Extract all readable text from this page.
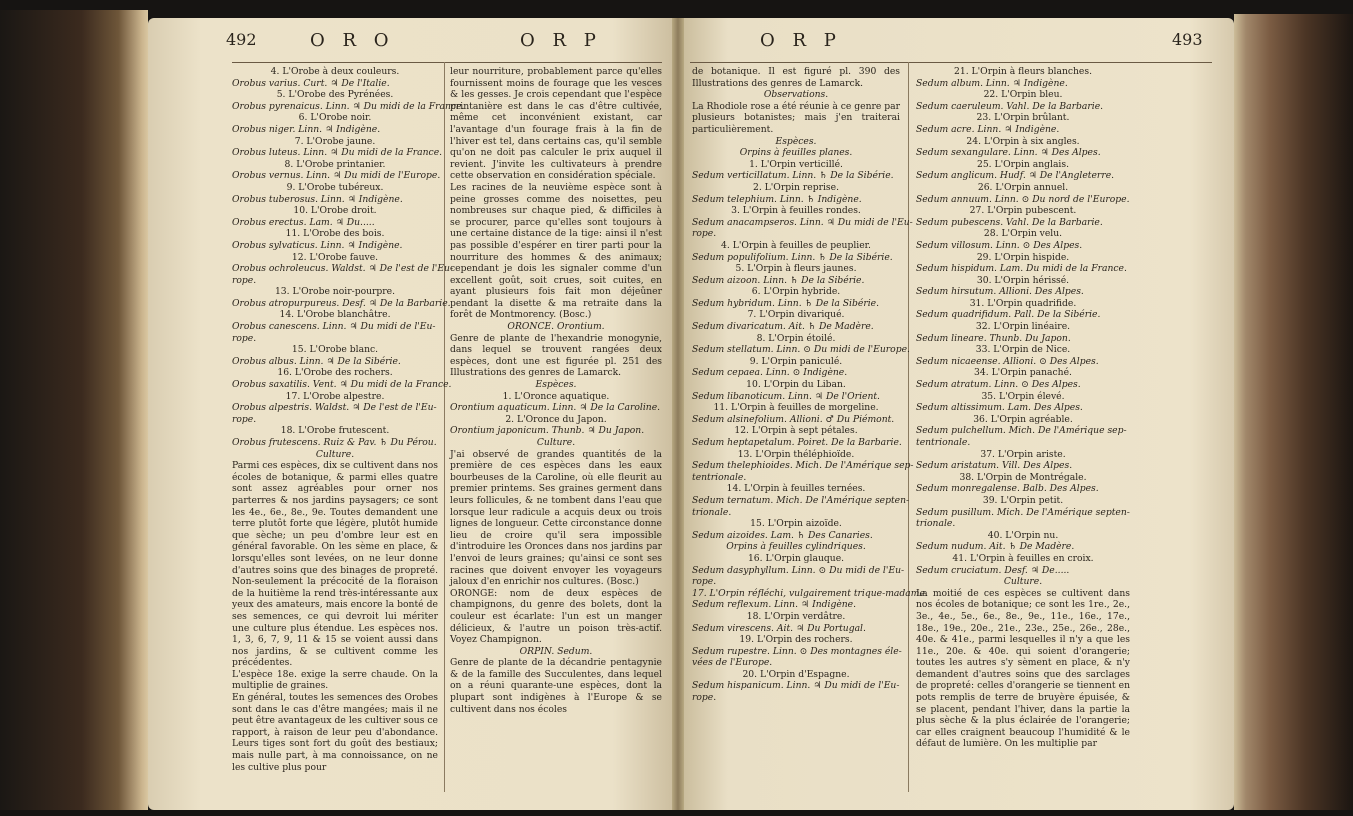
492	O R O	O R P	O R P	493

4. L'Orobe à deux couleurs.

Orobus varius. Curt. ♃ De l'Italie.

5. L'Orobe des Pyrénées.

Orobus pyrenaicus. Linn. ♃ Du midi de la France.

6. L'Orobe noir.

Orobus niger. Linn. ♃ Indigène.

7. L'Orobe jaune.

Orobus luteus. Linn. ♃ Du midi de la France.

8. L'Orobe printanier.

Orobus vernus. Linn. ♃ Du midi de l'Europe.

9. L'Orobe tubéreux.

Orobus tuberosus. Linn. ♃ Indigène.

10. L'Orobe droit.

Orobus erectus. Lam. ♃ Du.....

11. L'Orobe des bois.

Orobus sylvaticus. Linn. ♃ Indigène.

12. L'Orobe fauve.

Orobus ochroleucus. Waldst. ♃ De l'est de l'Eu-

rope.

13. L'Orobe noir-pourpre.

Orobus atropurpureus. Desf. ♃ De la Barbarie.

14. L'Orobe blanchâtre.

Orobus canescens. Linn. ♃ Du midi de l'Eu-

rope.

15. L'Orobe blanc.

Orobus albus. Linn. ♃ De la Sibérie.

16. L'Orobe des rochers.

Orobus saxatilis. Vent. ♃ Du midi de la France.

17. L'Orobe alpestre.

Orobus alpestris. Waldst. ♃ De l'est de l'Eu-

rope.

18. L'Orobe frutescent.

Orobus frutescens. Ruiz & Pav. ♄ Du Pérou.

Culture.

Parmi ces espèces, dix se cultivent dans nos écoles de botanique, & parmi elles quatre sont assez agréables pour orner nos parterres & nos jardins paysagers; ce sont les 4e., 6e., 8e., 9e. Toutes demandent une terre plutôt forte que légère, plutôt humide que sèche; un peu d'ombre leur est en général favorable. On les sème en place, & lorsqu'elles sont levées, on ne leur donne d'autres soins que des binages de propreté. Non-seulement la précocité de la floraison de la huitième la rend très-intéressante aux yeux des amateurs, mais encore la bonté de ses semences, ce qui devroit lui mériter une culture plus étendue. Les espèces nos. 1, 3, 6, 7, 9, 11 & 15 se voient aussi dans nos jardins, & se cultivent comme les précédentes.

L'espèce 18e. exige la serre chaude. On la multiplie de graines.

En général, toutes les semences des Orobes sont dans le cas d'être mangées; mais il ne peut être avantageux de les cultiver sous ce rapport, à raison de leur peu d'abondance. Leurs tiges sont fort du goût des bestiaux; mais nulle part, à ma connoissance, on ne les cultive plus pour

leur nourriture, probablement parce qu'elles fournissent moins de fourage que les vesces & les gesses. Je crois cependant que l'espèce printanière est dans le cas d'être cultivée, même cet inconvénient existant, car l'avantage d'un fourage frais à la fin de l'hiver est tel, dans certains cas, qu'il semble qu'on ne doit pas calculer le prix auquel il revient. J'invite les cultivateurs à prendre cette observation en considération spéciale.

Les racines de la neuvième espèce sont à peine grosses comme des noisettes, peu nombreuses sur chaque pied, & difficiles à se procurer, parce qu'elles sont toujours à une certaine distance de la tige: ainsi il n'est pas possible d'espérer en tirer parti pour la nourriture des hommes & des animaux; cependant je dois les signaler comme d'un excellent goût, soit crues, soit cuites, en ayant plusieurs fois fait mon déjeûner pendant la disette & ma retraite dans la forêt de Montmorency. (Bosc.)

ORONCE. Orontium.

Genre de plante de l'hexandrie monogynie, dans lequel se trouvent rangées deux espèces, dont une est figurée pl. 251 des Illustrations des genres de Lamarck.

Espèces.

1. L'Oronce aquatique.

Orontium aquaticum. Linn. ♃ De la Caroline.

2. L'Oronce du Japon.

Orontium japonicum. Thunb. ♃ Du Japon.

Culture.

J'ai observé de grandes quantités de la première de ces espèces dans les eaux bourbeuses de la Caroline, où elle fleurit au premier printems. Ses graines germent dans leurs follicules, & ne tombent dans l'eau que lorsque leur radicule a acquis deux ou trois lignes de longueur. Cette circonstance donne lieu de croire qu'il sera impossible d'introduire les Oronces dans nos jardins par l'envoi de leurs graines; qu'ainsi ce sont ses racines que doivent envoyer les voyageurs jaloux d'en enrichir nos cultures. (Bosc.)

ORONGE: nom de deux espèces de champignons, du genre des bolets, dont la couleur est écarlate: l'un est un manger délicieux, & l'autre un poison très-actif. Voyez Champignon.

ORPIN. Sedum.

Genre de plante de la décandrie pentagynie & de la famille des Succulentes, dans lequel on a réuni quarante-une espèces, dont la plupart sont indigènes à l'Europe & se cultivent dans nos écoles

de botanique. Il est figuré pl. 390 des Illustrations des genres de Lamarck.

Observations.

La Rhodiole rose a été réunie à ce genre par plusieurs botanistes; mais j'en traiterai particulièrement.

Espèces.

Orpins à feuilles planes.

1. L'Orpin verticillé.

Sedum verticillatum. Linn. ♄ De la Sibérie.

2. L'Orpin reprise.

Sedum telephium. Linn. ♄ Indigène.

3. L'Orpin à feuilles rondes.

Sedum anacampseros. Linn. ♃ Du midi de l'Eu-

rope.

4. L'Orpin à feuilles de peuplier.

Sedum populifolium. Linn. ♄ De la Sibérie.

5. L'Orpin à fleurs jaunes.

Sedum aizoon. Linn. ♄ De la Sibérie.

6. L'Orpin hybride.

Sedum hybridum. Linn. ♄ De la Sibérie.

7. L'Orpin divariqué.

Sedum divaricatum. Ait. ♄ De Madère.

8. L'Orpin étoilé.

Sedum stellatum. Linn. ⊙ Du midi de l'Europe.

9. L'Orpin paniculé.

Sedum cepaea. Linn. ⊙ Indigène.

10. L'Orpin du Liban.

Sedum libanoticum. Linn. ♃ De l'Orient.

11. L'Orpin à feuilles de morgeline.

Sedum alsinefolium. Allioni. ♂ Du Piémont.

12. L'Orpin à sept pétales.

Sedum heptapetalum. Poiret. De la Barbarie.

13. L'Orpin théléphioïde.

Sedum thelephioides. Mich. De l'Amérique sep-

tentrionale.

14. L'Orpin à feuilles ternées.

Sedum ternatum. Mich. De l'Amérique septen-

trionale.

15. L'Orpin aizoïde.

Sedum aizoides. Lam. ♄ Des Canaries.

Orpins à feuilles cylindriques.

16. L'Orpin glauque.

Sedum dasyphyllum. Linn. ⊙ Du midi de l'Eu-

rope.

17. L'Orpin réfléchi, vulgairement trique-madame.

Sedum reflexum. Linn. ♃ Indigène.

18. L'Orpin verdâtre.

Sedum virescens. Ait. ♃ Du Portugal.

19. L'Orpin des rochers.

Sedum rupestre. Linn. ⊙ Des montagnes éle-

vées de l'Europe.

20. L'Orpin d'Espagne.

Sedum hispanicum. Linn. ♃ Du midi de l'Eu-

rope.

21. L'Orpin à fleurs blanches.

Sedum album. Linn. ♃ Indigène.

22. L'Orpin bleu.

Sedum caeruleum. Vahl. De la Barbarie.

23. L'Orpin brûlant.

Sedum acre. Linn. ♃ Indigène.

24. L'Orpin à six angles.

Sedum sexangulare. Linn. ♃ Des Alpes.

25. L'Orpin anglais.

Sedum anglicum. Hudf. ♃ De l'Angleterre.

26. L'Orpin annuel.

Sedum annuum. Linn. ⊙ Du nord de l'Europe.

27. L'Orpin pubescent.

Sedum pubescens. Vahl. De la Barbarie.

28. L'Orpin velu.

Sedum villosum. Linn. ⊙ Des Alpes.

29. L'Orpin hispide.

Sedum hispidum. Lam. Du midi de la France.

30. L'Orpin hérissé.

Sedum hirsutum. Allioni. Des Alpes.

31. L'Orpin quadrifide.

Sedum quadrifidum. Pall. De la Sibérie.

32. L'Orpin linéaire.

Sedum lineare. Thunb. Du Japon.

33. L'Orpin de Nice.

Sedum nicaeense. Allioni. ⊙ Des Alpes.

34. L'Orpin panaché.

Sedum atratum. Linn. ⊙ Des Alpes.

35. L'Orpin élevé.

Sedum altissimum. Lam. Des Alpes.

36. L'Orpin agréable.

Sedum pulchellum. Mich. De l'Amérique sep-

tentrionale.

37. L'Orpin ariste.

Sedum aristatum. Vill. Des Alpes.

38. L'Orpin de Montrégale.

Sedum monregalense. Balb. Des Alpes.

39. L'Orpin petit.

Sedum pusillum. Mich. De l'Amérique septen-

trionale.

40. L'Orpin nu.

Sedum nudum. Ait. ♄ De Madère.

41. L'Orpin à feuilles en croix.

Sedum cruciatum. Desf. ♃ De.....

Culture.

La moitié de ces espèces se cultivent dans nos écoles de botanique; ce sont les 1re., 2e., 3e., 4e., 5e., 6e., 8e., 9e., 11e., 16e., 17e., 18e., 19e., 20e., 21e., 23e., 25e., 26e., 28e., 40e. & 41e., parmi lesquelles il n'y a que les 11e., 20e. & 40e. qui soient d'orangerie; toutes les autres s'y sèment en place, & n'y demandent d'autres soins que des sarclages de propreté: celles d'orangerie se tiennent en pots remplis de terre de bruyère épuisée, & se placent, pendant l'hiver, dans la partie la plus sèche & la plus éclairée de l'orangerie; car elles craignent beaucoup l'humidité & le défaut de lumière. On les multiplie par
